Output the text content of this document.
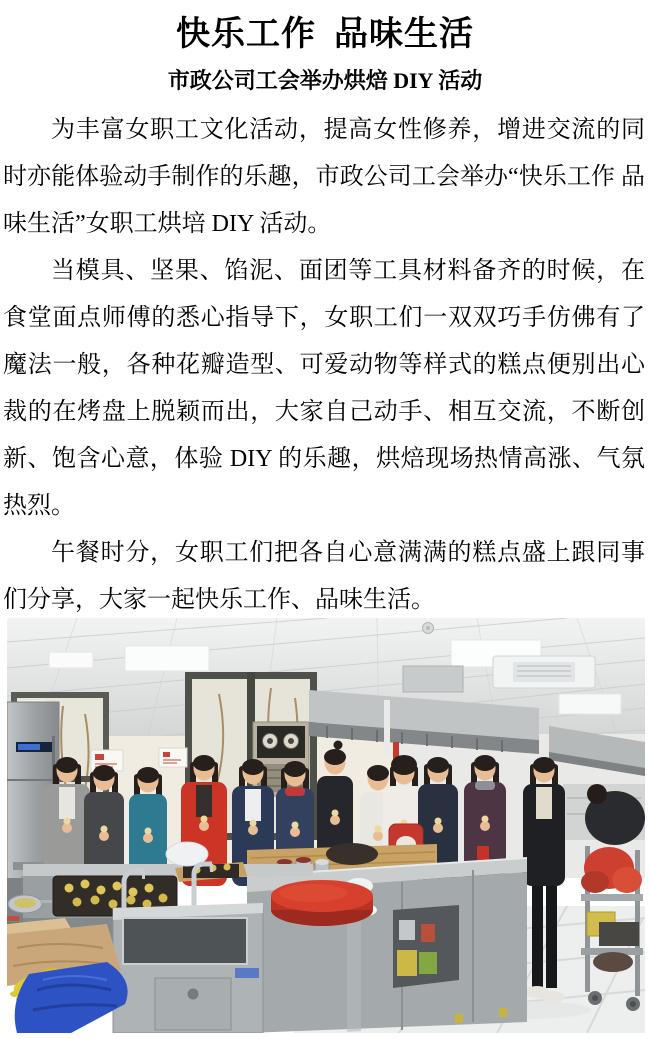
快乐工作 品味生活
市政公司工会举办烘焙 DIY 活动

为丰富女职工文化活动，提高女性修养，增进交流的同时亦能体验动手制作的乐趣，市政公司工会举办“快乐工作 品味生活”女职工烘培 DIY 活动。

当模具、坚果、馅泥、面团等工具材料备齐的时候，在食堂面点师傅的悉心指导下，女职工们一双双巧手仿佛有了魔法一般，各种花瓣造型、可爱动物等样式的糕点便别出心裁的在烤盘上脱颖而出，大家自己动手、相互交流，不断创新、饱含心意，体验 DIY 的乐趣，烘焙现场热情高涨、气氛热烈。

午餐时分，女职工们把各自心意满满的糕点盛上跟同事们分享，大家一起快乐工作、品味生活。
